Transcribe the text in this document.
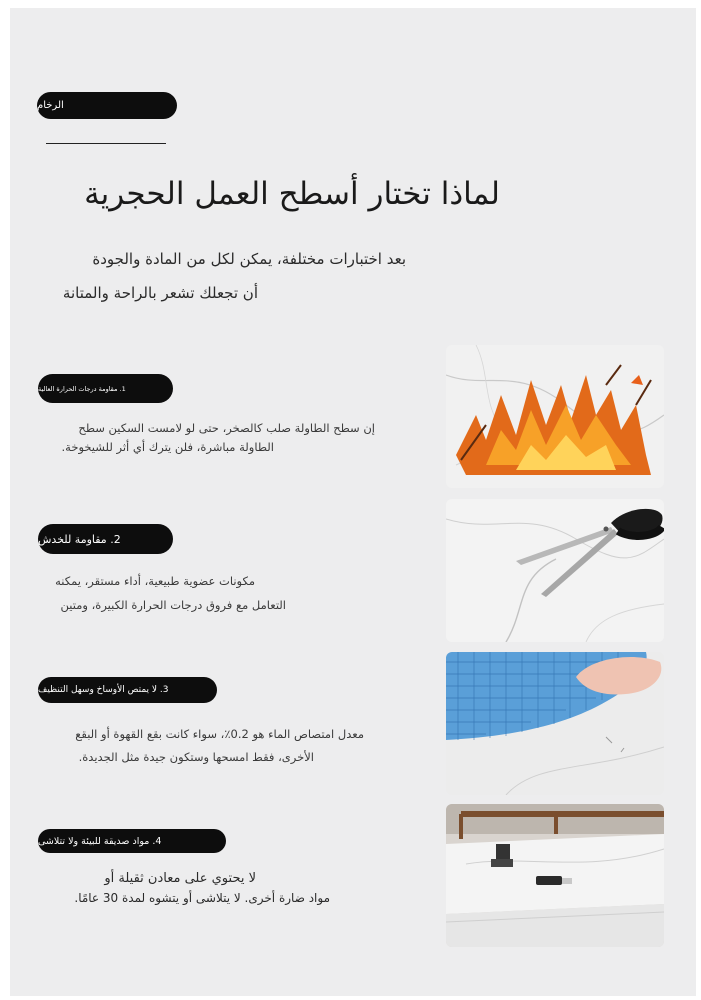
الرخام
لماذا تختار أسطح العمل الحجرية
بعد اختبارات مختلفة، يمكن لكل من المادة والجودة
أن تجعلك تشعر بالراحة والمتانة
1. مقاومة درجات الحرارة العالية
إن سطح الطاولة صلب كالصخر، حتى لو لامست السكين سطح
الطاولة مباشرة، فلن يترك أي أثر للشيخوخة.
2. مقاومة للخدش
مكونات عضوية طبيعية، أداء مستقر، يمكنه
التعامل مع فروق درجات الحرارة الكبيرة، ومتين
3. لا يمتص الأوساخ وسهل التنظيف
معدل امتصاص الماء هو 0.2٪، سواء كانت بقع القهوة أو البقع
الأخرى، فقط امسحها وستكون جيدة مثل الجديدة.
4. مواد صديقة للبيئة ولا تتلاشى
لا يحتوي على معادن ثقيلة أو
مواد ضارة أخرى. لا يتلاشى أو يتشوه لمدة 30 عامًا.
